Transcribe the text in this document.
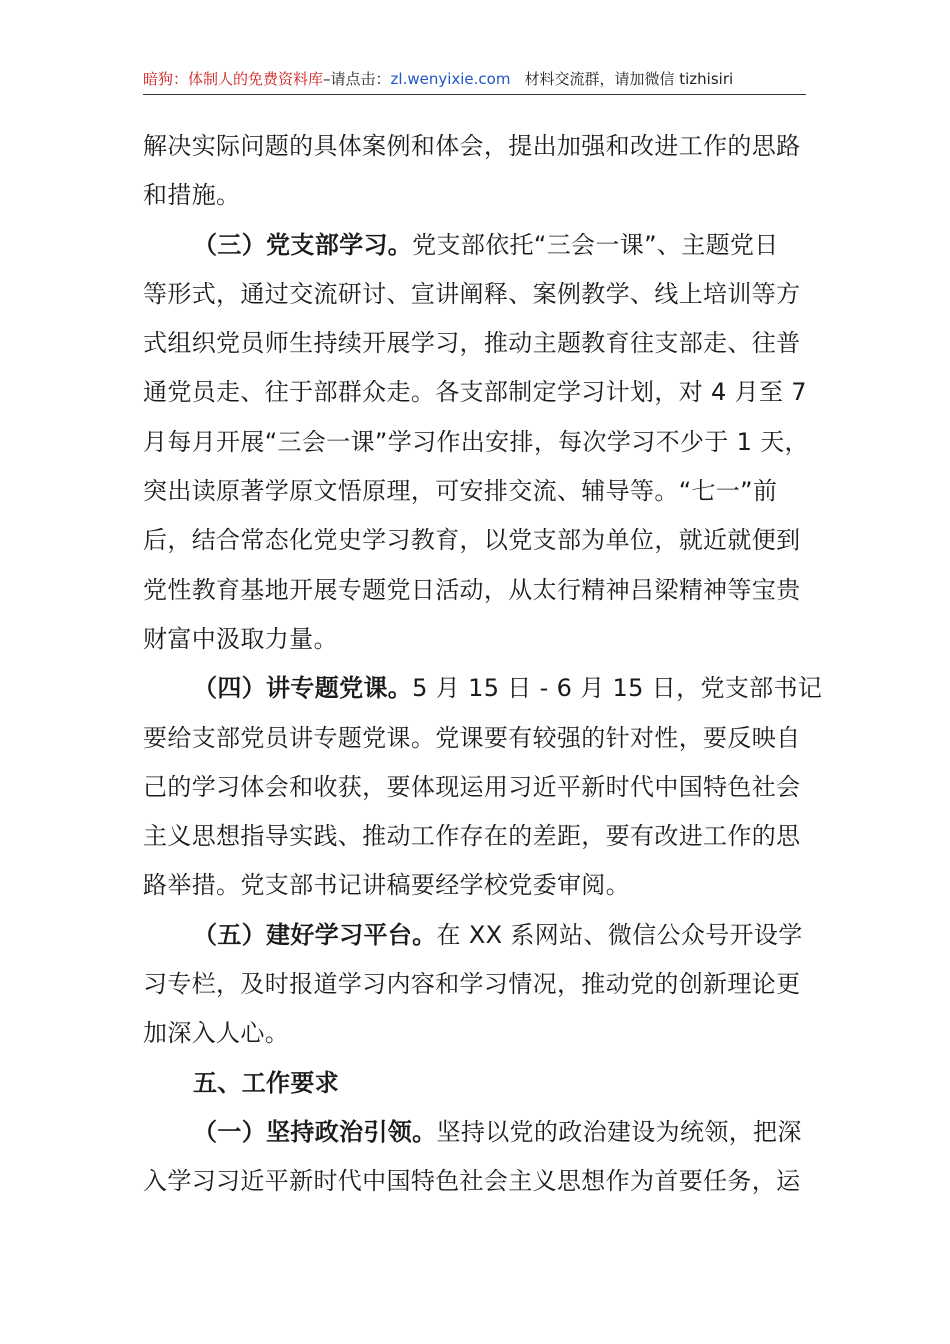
暗狗：体制人的免费资料库–请点击：zl.wenyixie.com 材料交流群，请加微信 tizhisiri
解决实际问题的具体案例和体会，提出加强和改进工作的思路
和措施。
（三）党支部学习。党支部依托“三会一课”、主题党日
等形式，通过交流研讨、宣讲阐释、案例教学、线上培训等方
式组织党员师生持续开展学习，推动主题教育往支部走、往普
通党员走、往于部群众走。各支部制定学习计划，对 4 月至 7
月每月开展“三会一课”学习作出安排，每次学习不少于 1 天，
突出读原著学原文悟原理，可安排交流、辅导等。“七一”前
后，结合常态化党史学习教育，以党支部为单位，就近就便到
党性教育基地开展专题党日活动，从太行精神吕梁精神等宝贵
财富中汲取力量。
（四）讲专题党课。5 月 15 日 - 6 月 15 日，党支部书记
要给支部党员讲专题党课。党课要有较强的针对性，要反映自
己的学习体会和收获，要体现运用习近平新时代中国特色社会
主义思想指导实践、推动工作存在的差距，要有改进工作的思
路举措。党支部书记讲稿要经学校党委审阅。
（五）建好学习平台。在 XX 系网站、微信公众号开设学
习专栏，及时报道学习内容和学习情况，推动党的创新理论更
加深入人心。
五、工作要求
（一）坚持政治引领。坚持以党的政治建设为统领，把深
入学习习近平新时代中国特色社会主义思想作为首要任务，运
